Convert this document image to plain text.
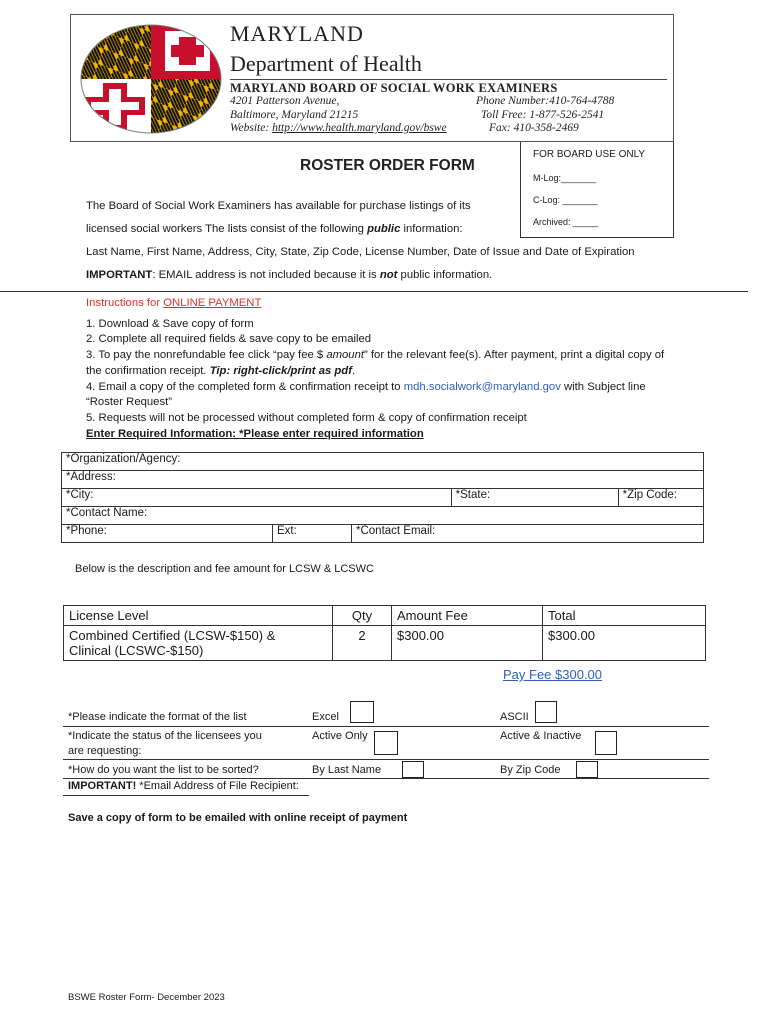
MARYLAND
Department of Health
MARYLAND BOARD OF SOCIAL WORK EXAMINERS
4201 Patterson Avenue,
Baltimore, Maryland 21215
Website: http://www.health.maryland.gov/bswe
Phone Number:410-764-4788
Toll Free: 1-877-526-2541
Fax: 410-358-2469
FOR BOARD USE ONLY
M-Log:_______
C-Log: _______
Archived: _____
ROSTER ORDER FORM
The Board of Social Work Examiners has available for purchase listings of its
licensed social workers The lists consist of the following public information:
Last Name, First Name, Address, City, State, Zip Code, License Number, Date of Issue and Date of Expiration
IMPORTANT: EMAIL address is not included because it is not public information.
Instructions for ONLINE PAYMENT
1. Download & Save copy of form
2. Complete all required fields & save copy to be emailed
3. To pay the nonrefundable fee click “pay fee $ amount” for the relevant fee(s). After payment, print a digital copy of
the confirmation receipt. Tip: right-click/print as pdf.
4. Email a copy of the completed form & confirmation receipt to mdh.socialwork@maryland.gov with Subject line
“Roster Request”
5. Requests will not be processed without completed form & copy of confirmation receipt
Enter Required Information: *Please enter required information
*Organization/Agency:				
*Address:				
*City:			*State:	*Zip Code:
*Contact Name:				
*Phone:	Ext:	*Contact Email:		
Below is the description and fee amount for LCSW & LCSWC
License Level	Qty	Amount Fee	Total

Combined Certified (LCSW-$150) &
Clinical (LCSWC-$150)	2	$300.00	$300.00
Pay Fee $300.00
*Please indicate the format of the list	Excel	ASCII
*Indicate the status of the licensees you
are requesting:
Active Only	Active & Inactive
*How do you want the list to be sorted?	By Last Name	By Zip Code
IMPORTANT! *Email Address of File Recipient:
Save a copy of form to be emailed with online receipt of payment
BSWE Roster Form- December 2023
